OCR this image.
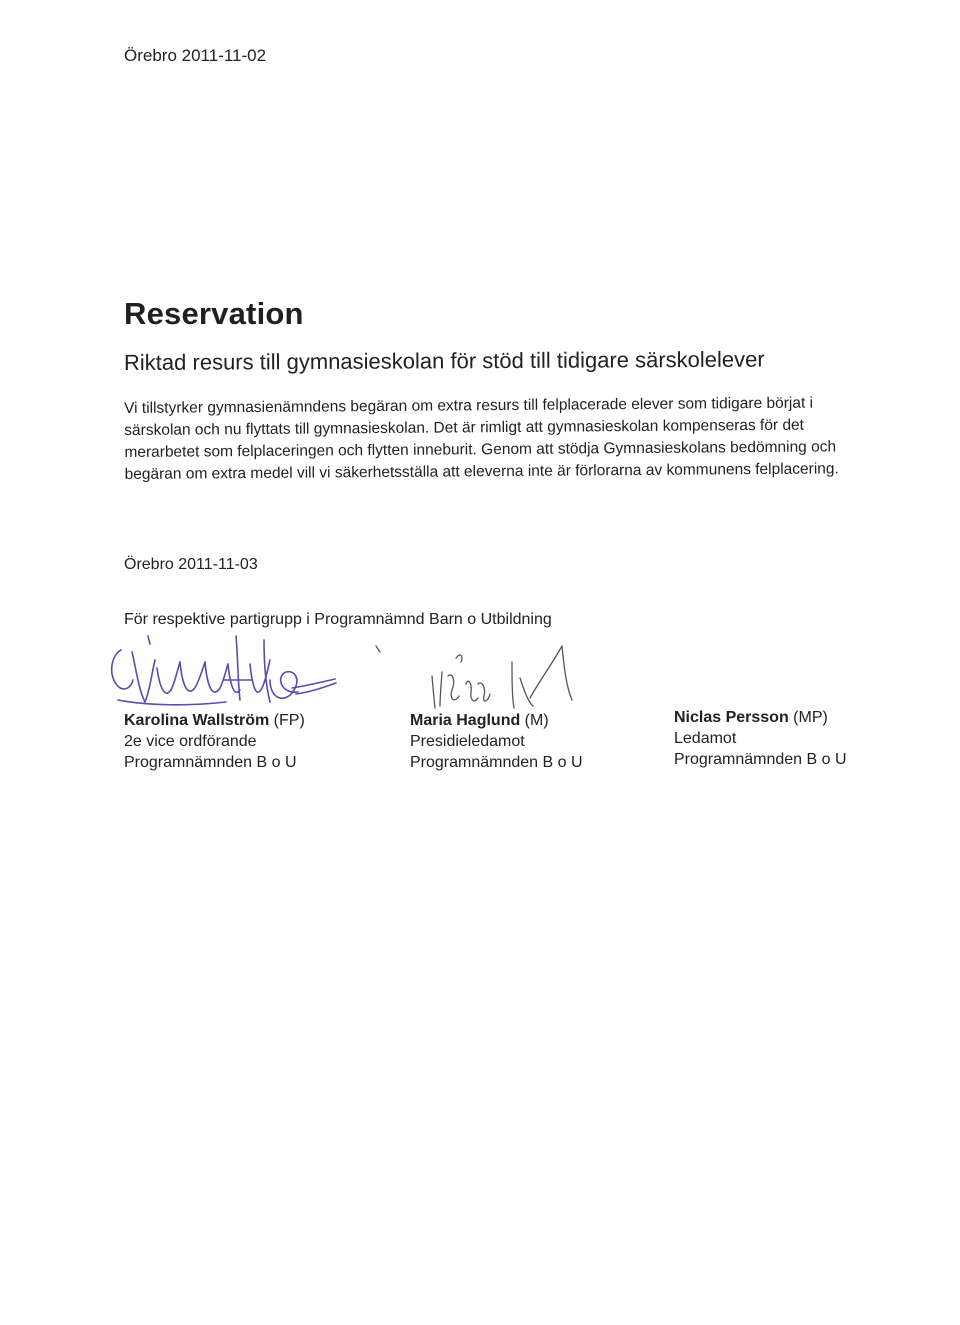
Örebro 2011-11-02
Reservation
Riktad resurs till gymnasieskolan för stöd till tidigare särskolelever
Vi tillstyrker gymnasienämndens begäran om extra resurs till felplacerade elever som tidigare börjat i särskolan och nu flyttats till gymnasieskolan. Det är rimligt att gymnasieskolan kompenseras för det merarbetet som felplaceringen och flytten inneburit. Genom att stödja Gymnasieskolans bedömning och begäran om extra medel vill vi säkerhetsställa att eleverna inte är förlorarna av kommunens felplacering.
Örebro 2011-11-03
För respektive partigrupp i Programnämnd Barn o Utbildning
Karolina Wallström (FP)
2e vice ordförande
Programnämnden B o U
Maria Haglund (M)
Presidieledamot
Programnämnden B o U
Niclas Persson (MP)
Ledamot
Programnämnden B o U
